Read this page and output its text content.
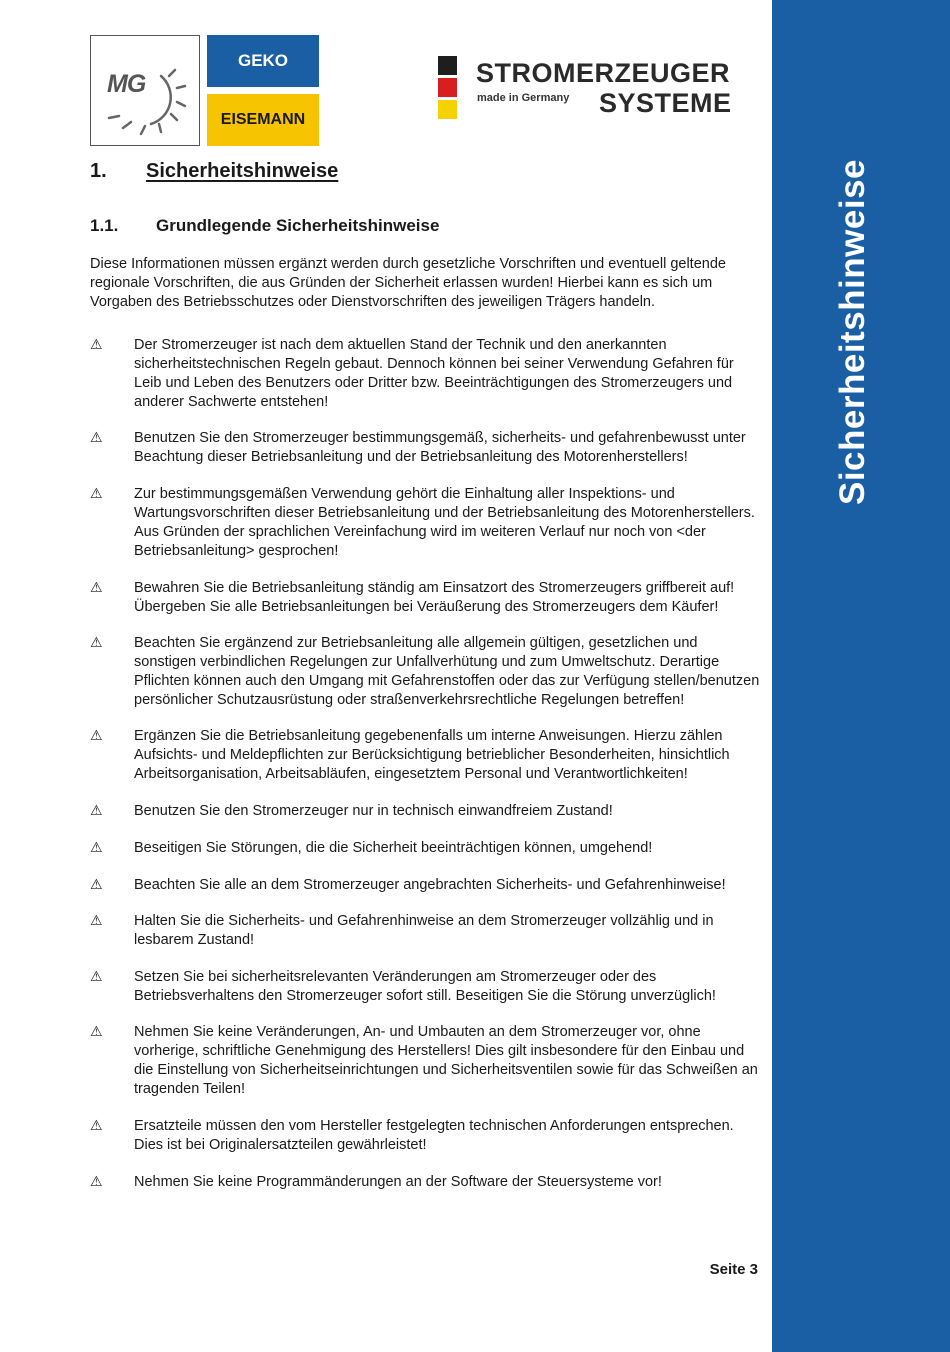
Sicherheitshinweise
MG
GEKO
EISEMANN
STROMERZEUGER
made in Germany SYSTEME
1. Sicherheitshinweise
1.1. Grundlegende Sicherheitshinweise

Diese Informationen müssen ergänzt werden durch gesetzliche Vorschriften und eventuell geltende regionale Vorschriften, die aus Gründen der Sicherheit erlassen wurden! Hierbei kann es sich um Vorgaben des Betriebsschutzes oder Dienstvorschriften des jeweiligen Trägers handeln.

⚠ Der Stromerzeuger ist nach dem aktuellen Stand der Technik und den anerkannten sicherheitstechnischen Regeln gebaut. Dennoch können bei seiner Verwendung Gefahren für Leib und Leben des Benutzers oder Dritter bzw. Beeinträchtigungen des Stromerzeugers und anderer Sachwerte entstehen!
⚠ Benutzen Sie den Stromerzeuger bestimmungsgemäß, sicherheits- und gefahrenbewusst unter Beachtung dieser Betriebsanleitung und der Betriebsanleitung des Motorenherstellers!
⚠ Zur bestimmungsgemäßen Verwendung gehört die Einhaltung aller Inspektions- und Wartungsvorschriften dieser Betriebsanleitung und der Betriebsanleitung des Motorenherstellers. Aus Gründen der sprachlichen Vereinfachung wird im weiteren Verlauf nur noch von <der Betriebsanleitung> gesprochen!
⚠ Bewahren Sie die Betriebsanleitung ständig am Einsatzort des Stromerzeugers griffbereit auf! Übergeben Sie alle Betriebsanleitungen bei Veräußerung des Stromerzeugers dem Käufer!
⚠ Beachten Sie ergänzend zur Betriebsanleitung alle allgemein gültigen, gesetzlichen und sonstigen verbindlichen Regelungen zur Unfallverhütung und zum Umweltschutz. Derartige Pflichten können auch den Umgang mit Gefahrenstoffen oder das zur Verfügung stellen/benutzen persönlicher Schutzausrüstung oder straßenverkehrsrechtliche Regelungen betreffen!
⚠ Ergänzen Sie die Betriebsanleitung gegebenenfalls um interne Anweisungen. Hierzu zählen Aufsichts- und Meldepflichten zur Berücksichtigung betrieblicher Besonderheiten, hinsichtlich Arbeitsorganisation, Arbeitsabläufen, eingesetztem Personal und Verantwortlichkeiten!
⚠ Benutzen Sie den Stromerzeuger nur in technisch einwandfreiem Zustand!
⚠ Beseitigen Sie Störungen, die die Sicherheit beeinträchtigen können, umgehend!
⚠ Beachten Sie alle an dem Stromerzeuger angebrachten Sicherheits- und Gefahrenhinweise!
⚠ Halten Sie die Sicherheits- und Gefahrenhinweise an dem Stromerzeuger vollzählig und in lesbarem Zustand!
⚠ Setzen Sie bei sicherheitsrelevanten Veränderungen am Stromerzeuger oder des Betriebsverhaltens den Stromerzeuger sofort still. Beseitigen Sie die Störung unverzüglich!
⚠ Nehmen Sie keine Veränderungen, An- und Umbauten an dem Stromerzeuger vor, ohne vorherige, schriftliche Genehmigung des Herstellers! Dies gilt insbesondere für den Einbau und die Einstellung von Sicherheitseinrichtungen und Sicherheitsventilen sowie für das Schweißen an tragenden Teilen!
⚠ Ersatzteile müssen den vom Hersteller festgelegten technischen Anforderungen entsprechen. Dies ist bei Originalersatzteilen gewährleistet!
⚠ Nehmen Sie keine Programmänderungen an der Software der Steuersysteme vor!
Seite 3
